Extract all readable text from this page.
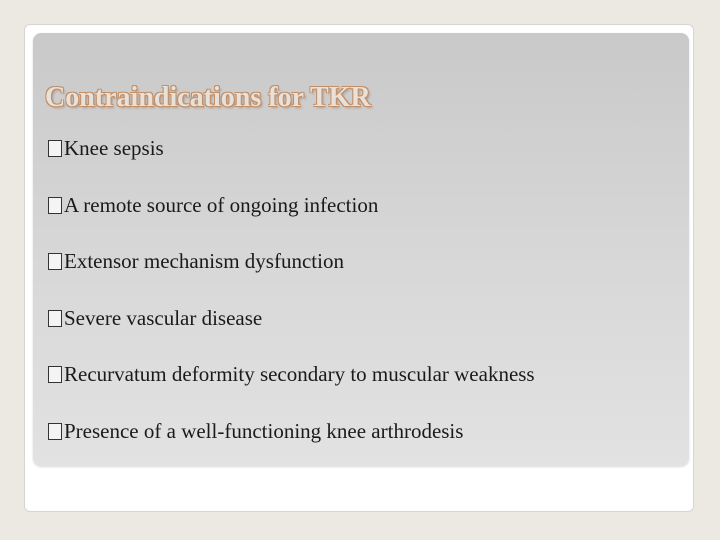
Contraindications for TKR
Knee sepsis
A remote source of ongoing infection
Extensor mechanism dysfunction
Severe vascular disease
Recurvatum deformity secondary to muscular weakness
Presence of a well-functioning knee arthrodesis
